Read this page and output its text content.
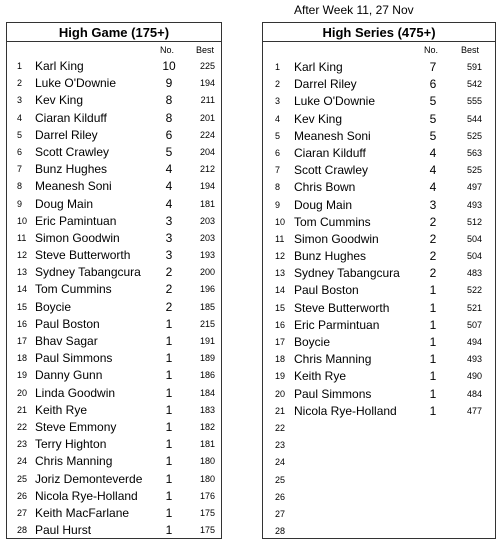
After Week 11, 27 Nov
High Game (175+)
No. Best
1 Karl King	10	225
2 Luke O'Downie	9	194
3 Kev King	8	211
4 Ciaran Kilduff	8	201
5 Darrel Riley	6	224
6 Scott Crawley	5	204
7 Bunz Hughes	4	212
8 Meanesh Soni	4	194
9 Doug Main	4	181
10 Eric Pamintuan	3	203
11 Simon Goodwin	3	203
12 Steve Butterworth	3	193
13 Sydney Tabangcura	2	200
14 Tom Cummins	2	196
15 Boycie	2	185
16 Paul Boston	1	215
17 Bhav Sagar	1	191
18 Paul Simmons	1	189
19 Danny Gunn	1	186
20 Linda Goodwin	1	184
21 Keith Rye	1	183
22 Steve Emmony	1	182
23 Terry Highton	1	181
24 Chris Manning	1	180
25 Joriz Demonteverde	1	180
26 Nicola Rye-Holland	1	176
27 Keith MacFarlane	1	175
28 Paul Hurst	1	175
High Series (475+)
No.	Best
1 Karl King	7	591
2 Darrel Riley	6	542
3 Luke O'Downie	5	555
4 Kev King	5	544
5 Meanesh Soni	5	525
6 Ciaran Kilduff	4	563
7 Scott Crawley	4	525
8 Chris Bown	4	497
9 Doug Main	3	493
10 Tom Cummins	2	512
11 Simon Goodwin	2	504
12 Bunz Hughes	2	504
13 Sydney Tabangcura	2	483
14 Paul Boston	1	522
15 Steve Butterworth	1	521
16 Eric Parmintuan	1	507
17 Boycie	1	494
18 Chris Manning	1	493
19 Keith Rye	1	490
20 Paul Simmons	1	484
21 Nicola Rye-Holland	1	477
22
23
24
25
26
27
28
